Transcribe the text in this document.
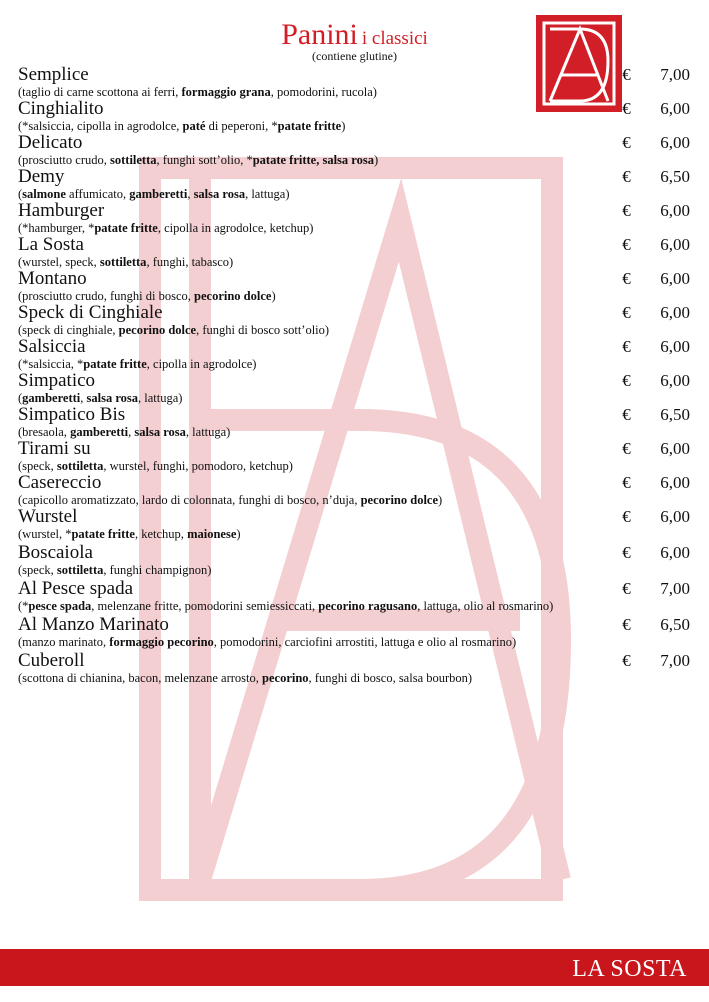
Panini i classici
(contiene glutine)
Semplice	€ 7,00
(taglio di carne scottona ai ferri, formaggio grana, pomodorini, rucola)
Cinghialito	€ 6,00
(*salsiccia, cipolla in agrodolce, paté di peperoni, *patate fritte)
Delicato	€ 6,00
(prosciutto crudo, sottiletta, funghi sott’olio, *patate fritte, salsa rosa)
Demy	€ 6,50
(salmone affumicato, gamberetti, salsa rosa, lattuga)
Hamburger	€ 6,00
(*hamburger, *patate fritte, cipolla in agrodolce, ketchup)
La Sosta	€ 6,00
(wurstel, speck, sottiletta, funghi, tabasco)
Montano	€ 6,00
(prosciutto crudo, funghi di bosco, pecorino dolce)
Speck di Cinghiale	€ 6,00
(speck di cinghiale, pecorino dolce, funghi di bosco sott’olio)
Salsiccia	€ 6,00
(*salsiccia, *patate fritte, cipolla in agrodolce)
Simpatico	€ 6,00
(gamberetti, salsa rosa, lattuga)
Simpatico Bis	€ 6,50
(bresaola, gamberetti, salsa rosa, lattuga)
Tirami su	€ 6,00
(speck, sottiletta, wurstel, funghi, pomodoro, ketchup)
Casereccio	€ 6,00
(capicollo aromatizzato, lardo di colonnata, funghi di bosco, n’duja, pecorino dolce)
Wurstel	€ 6,00
(wurstel, *patate fritte, ketchup, maionese)
Boscaiola	€ 6,00
(speck, sottiletta, funghi champignon)
Al Pesce spada	€ 7,00
(*pesce spada, melenzane fritte, pomodorini semiessiccati, pecorino ragusano, lattuga, olio al rosmarino)
Al Manzo Marinato	€ 6,50
(manzo marinato, formaggio pecorino, pomodorini, carciofini arrostiti, lattuga e olio al rosmarino)
Cuberoll	€ 7,00
(scottona di chianina, bacon, melenzane arrosto, pecorino, funghi di bosco, salsa bourbon)
LA SOSTA
